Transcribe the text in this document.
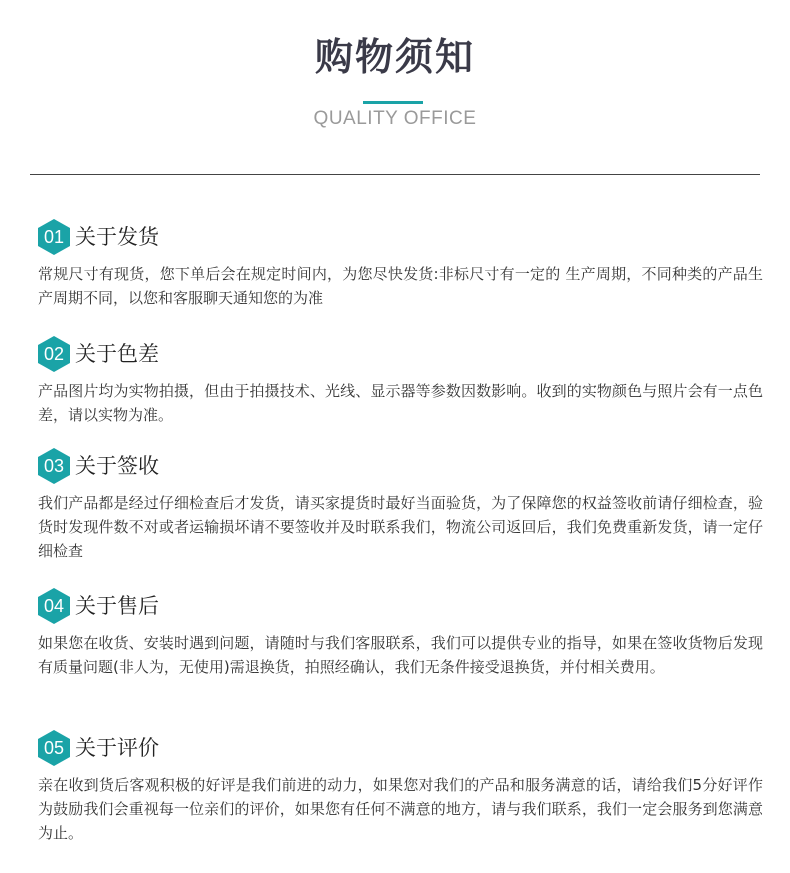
购物须知
QUALITY OFFICE
01 关于发货

常规尺寸有现货，您下单后会在规定时间内，为您尽快发货:非标尺寸有一定的 生产周期，不同种类的产品生产周期不同，以您和客服聊天通知您的为准

02 关于色差

产品图片均为实物拍摄，但由于拍摄技术、光线、显示器等参数因数影响。收到的实物颜色与照片会有一点色差，请以实物为准。

03 关于签收

我们产品都是经过仔细检查后才发货，请买家提货时最好当面验货，为了保障您的权益签收前请仔细检查，验货时发现件数不对或者运输损坏请不要签收并及时联系我们，物流公司返回后，我们免费重新发货，请一定仔细检查

04 关于售后

如果您在收货、安装时遇到问题，请随时与我们客服联系，我们可以提供专业的指导，如果在签收货物后发现有质量问题(非人为，无使用)需退换货，拍照经确认，我们无条件接受退换货，并付相关费用。

05 关于评价

亲在收到货后客观积极的好评是我们前进的动力，如果您对我们的产品和服务满意的话，请给我们5分好评作为鼓励我们会重视每一位亲们的评价，如果您有任何不满意的地方，请与我们联系，我们一定会服务到您满意为止。
